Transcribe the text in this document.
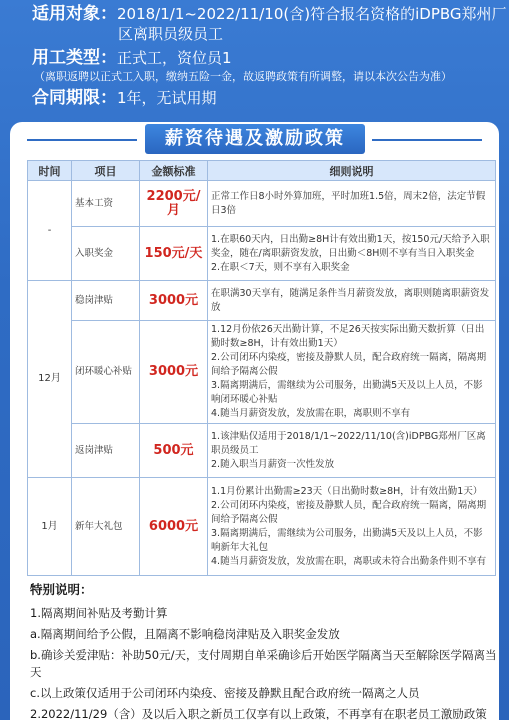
适用对象：2018/1/1~2022/11/10(含)符合报名资格的iDPBG郑州厂
区离职员级员工
用工类型：正式工，资位员1
（离职返聘以正式工入职，缴纳五险一金，故返聘政策有所调整，请以本次公告为准）
合同期限：1年，无试用期
薪资待遇及激励政策
时间	项目	金额标准	细则说明
-	基本工资	2200元/月	正常工作日8小时外算加班，平时加班1.5倍，周末2倍，法定节假日3倍
	入职奖金	150元/天	1.在职60天内，日出勤≥8H计有效出勤1天，按150元/天给予入职奖金，随在/离职薪资发放，日出勤＜8H则不享有当日入职奖金
2.在职＜7天，则不享有入职奖金
12月	稳岗津贴	3000元	在职满30天享有，随满足条件当月薪资发放，离职则随离职薪资发放
	闭环暖心补贴	3000元	1.12月份依26天出勤计算，不足26天按实际出勤天数折算（日出勤时数≥8H，计有效出勤1天）
2.公司闭环内染疫，密接及静默人员，配合政府统一隔离，隔离期间给予隔离公假
3.隔离期满后，需继续为公司服务，出勤满5天及以上人员，不影响闭环暖心补贴
4.随当月薪资发放，发放需在职，离职则不享有
	返岗津贴	500元	1.该津贴仅适用于2018/1/1~2022/11/10(含)iDPBG郑州厂区离职员级员工
2.随入职当月薪资一次性发放
1月	新年大礼包	6000元	1.1月份累计出勤需≥23天（日出勤时数≥8H，计有效出勤1天）
2.公司闭环内染疫，密接及静默人员，配合政府统一隔离，隔离期间给予隔离公假
3.隔离期满后，需继续为公司服务，出勤满5天及以上人员，不影响新年大礼包
4.随当月薪资发放，发放需在职，离职或未符合出勤条件则不享有
特别说明：
1.隔离期间补贴及考勤计算
a.隔离期间给予公假，且隔离不影响稳岗津贴及入职奖金发放
b.确诊关爱津贴：补助50元/天，支付周期自单采确诊后开始医学隔离当天至解除医学隔离当天
c.以上政策仅适用于公司闭环内染疫、密接及静默且配合政府统一隔离之人员
2.2022/11/29（含）及以后入职之新员工仅享有以上政策，不再享有在职老员工激励政策
